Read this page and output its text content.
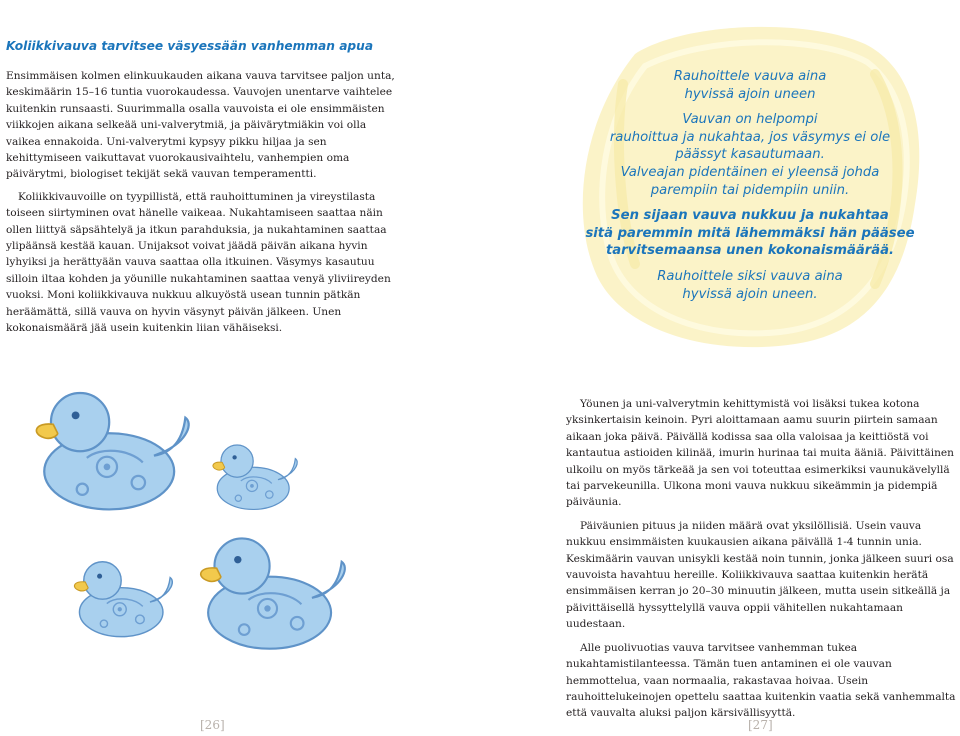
Koliikkivauva tarvitsee väsyessään vanhemman apua

Ensimmäisen kolmen elinkuukauden aikana vauva tarvitsee paljon unta, keskimäärin 15–16 tuntia vuorokaudessa. Vauvojen unentarve vaihtelee kuitenkin runsaasti. Suurimmalla osalla vauvoista ei ole ensimmäisten viikkojen aikana selkeää uni-valverytmiä, ja päivärytmiäkin voi olla vaikea ennakoida. Uni-valverytmi kypsyy pikku hiljaa ja sen kehittymiseen vaikuttavat vuorokausivaihtelu, vanhempien oma päivärytmi, biologiset tekijät sekä vauvan temperamentti.

Koliikkivauvoille on tyypillistä, että rauhoittuminen ja vireystilasta toiseen siirtyminen ovat hänelle vaikeaa. Nukahtamiseen saattaa näin ollen liittyä säpsähtelyä ja itkun parahduksia, ja nukahtaminen saattaa ylipäänsä kestää kauan. Unijaksot voivat jäädä päivän aikana hyvin lyhyiksi ja herättyään vauva saattaa olla itkuinen. Väsymys kasautuu silloin iltaa kohden ja yöunille nukahtaminen saattaa venyä yliviireyden vuoksi. Moni koliikkivauva nukkuu alkuyöstä usean tunnin pätkän heräämättä, sillä vauva on hyvin väsynyt päivän jälkeen. Unen kokonaismäärä jää usein kuitenkin liian vähäiseksi.

Rauhoittele vauva aina
hyvissä ajoin uneen
Vauvan on helpompi
rauhoittua ja nukahtaa, jos väsymys ei ole
päässyt kasautumaan.
Valveajan pidentäinen ei yleensä johda
parempiin tai pidempiin uniin.
Sen sijaan vauva nukkuu ja nukahtaa
sitä paremmin mitä lähemmäksi hän pääsee
tarvitsemaansa unen kokonaismäärää.
Rauhoittele siksi vauva aina
hyvissä ajoin uneen.

Yöunen ja uni-valverytmin kehittymistä voi lisäksi tukea kotona yksinkertaisin keinoin. Pyri aloittamaan aamu suurin piirtein samaan aikaan joka päivä. Päivällä kodissa saa olla valoisaa ja keittiöstä voi kantautua astioiden kilinää, imurin hurinaa tai muita ääniä. Päivittäinen ulkoilu on myös tärkeää ja sen voi toteuttaa esimerkiksi vaunukävelyllä tai parvekeunilla. Ulkona moni vauva nukkuu sikeämmin ja pidempiä päiväunia.

Päiväunien pituus ja niiden määrä ovat yksilöllisiä. Usein vauva nukkuu ensimmäisten kuukausien aikana päivällä 1-4 tunnin unia. Keskimäärin vauvan unisykli kestää noin tunnin, jonka jälkeen suuri osa vauvoista havahtuu hereille. Koliikkivauva saattaa kuitenkin herätä ensimmäisen kerran jo 20–30 minuutin jälkeen, mutta usein sitkeällä ja päivittäisellä hyssyttelyllä vauva oppii vähitellen nukahtamaan uudestaan.

Alle puolivuotias vauva tarvitsee vanhemman tukea nukahtamistilanteessa. Tämän tuen antaminen ei ole vauvan hemmottelua, vaan normaalia, rakastavaa hoivaa. Usein rauhoittelukeinojen opettelu saattaa kuitenkin vaatia sekä vanhemmalta että vauvalta aluksi paljon kärsivällisyyttä.

[26]	[27]
